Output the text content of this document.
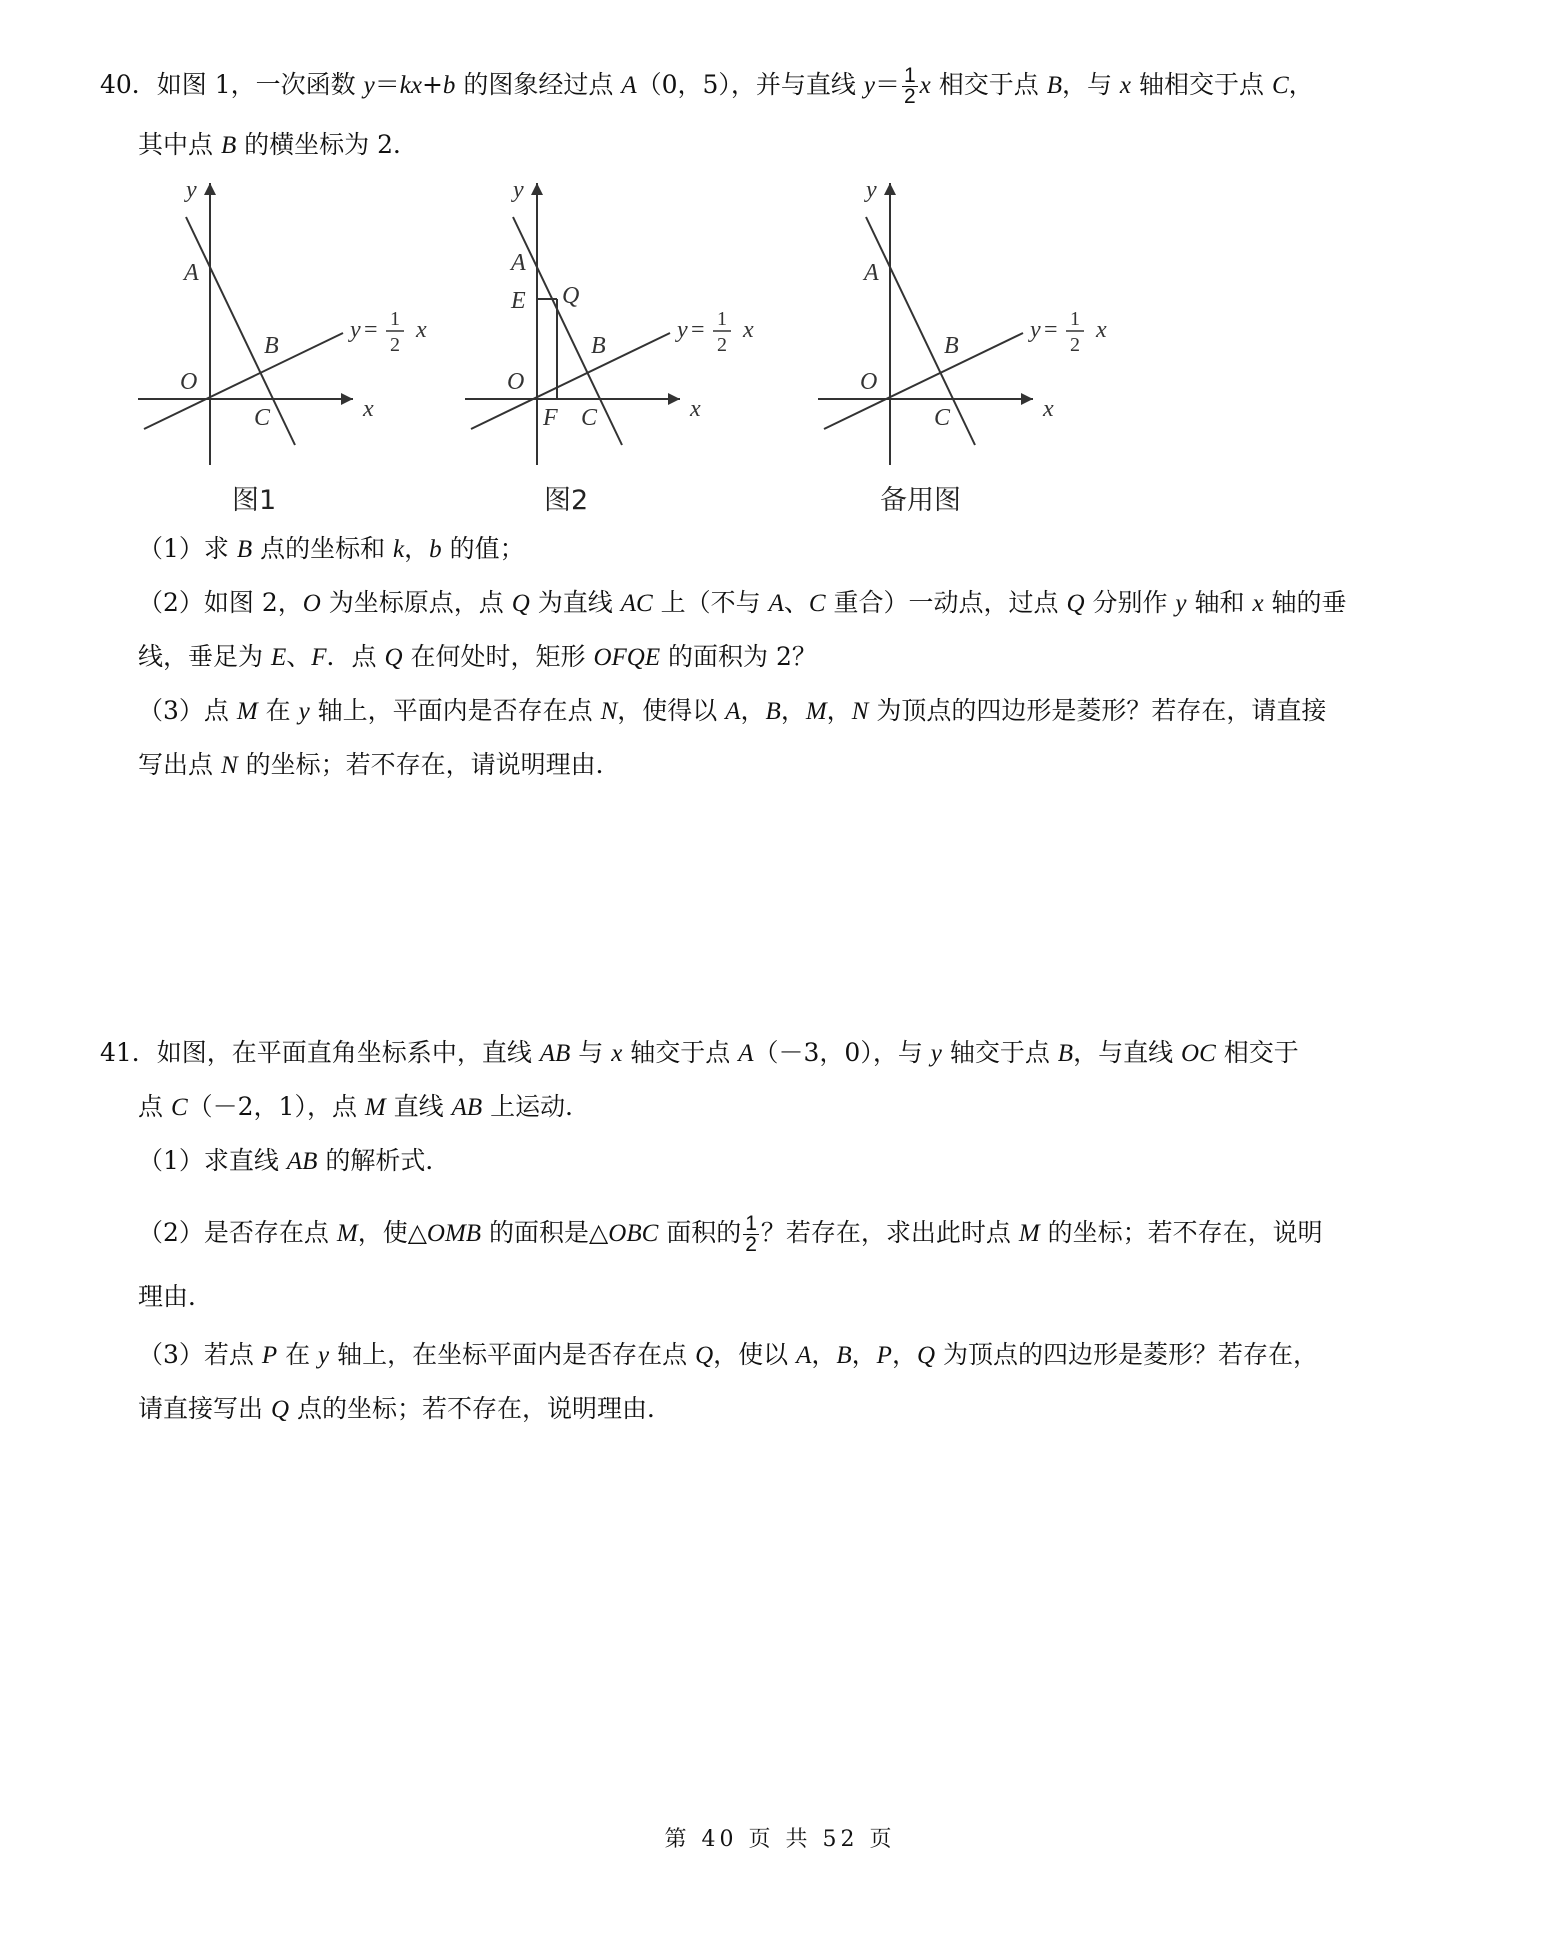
40．如图 1，一次函数 y＝kx+b 的图象经过点 A（0，5），并与直线 $y= \frac{1}{2}$ x 相交于点 B，与 x 轴相交于点 C，
其中点 B 的横坐标为 2．
y
x
O
A
B
C
y = 1
2
x
y
x
O
A
E Q
B
F C
y = 1
2
x
y
x
O
A
B
C
y = 1
2
x
图1	图2	备用图
（1）求 B 点的坐标和 k，b 的值；
（2）如图 2，O 为坐标原点，点 Q 为直线 AC 上（不与 A、C 重合）一动点，过点 Q 分别作 y 轴和 x 轴的垂
线，垂足为 E、F．点 Q 在何处时，矩形 OFQE 的面积为 2？
（3）点 M 在 y 轴上，平面内是否存在点 N，使得以 A，B，M，N 为顶点的四边形是菱形？若存在，请直接
写出点 N 的坐标；若不存在，请说明理由．
41．如图，在平面直角坐标系中，直线 AB 与 x 轴交于点 A（－3，0），与 y 轴交于点 B，与直线 OC 相交于
点 C（－2，1），点 M 直线 AB 上运动．
（1）求直线 AB 的解析式．
（2）是否存在点 M，使△OMB 的面积是△OBC 面积的 $\frac{1}{2}$ ？若存在，求出此时点 M 的坐标；若不存在，说明
理由．
（3）若点 P 在 y 轴上，在坐标平面内是否存在点 Q，使以 A，B，P，Q 为顶点的四边形是菱形？若存在，
请直接写出 Q 点的坐标；若不存在，说明理由．
第 40 页 共 52 页
